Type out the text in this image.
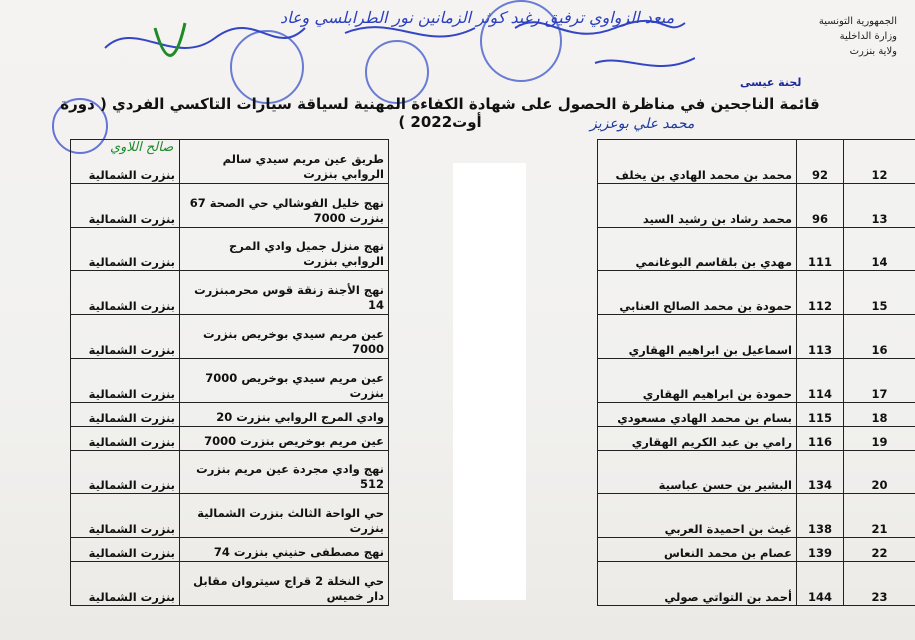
الجمهورية التونسية
وزارة الداخلية
ولاية بنزرت
مبعد الزواوي ترفيق رغيد كوثر الزمانين نور الطرابلسي وعاد
لجنة عيسى
قائمة الناجحين في مناظرة الحصول على شهادة الكفاءة المهنية لسياقة سيارات التاكسي الفردي ( دورة أوت2022 )	محمد علي بوعزيز
صالح اللاوي
12	92	محمد بن محمد الهادي بن يخلف		طريق عين مريم سيدي سالم الروابي بنزرت	بنزرت الشمالية
13	96	محمد رشاد بن رشيد السيد		نهج خليل الفوشالي حي الصحة 67 بنزرت 7000	بنزرت الشمالية
14	111	مهدي بن بلقاسم البوغانمي		نهج منزل جميل وادي المرج الروابي بنزرت	بنزرت الشمالية
15	112	حمودة بن محمد الصالح العنابي		نهج الأجنة زنقة قوس محرمبنزرت 14	بنزرت الشمالية
16	113	اسماعيل بن ابراهيم الهقاري		عين مريم سيدي بوخريص بنزرت 7000	بنزرت الشمالية
17	114	حمودة بن ابراهيم الهقاري		عين مريم سيدي بوخريص 7000 بنزرت	بنزرت الشمالية
18	115	بسام بن محمد الهادي مسعودي		وادي المرج الروابي بنزرت 20	بنزرت الشمالية
19	116	رامي بن عبد الكريم الهقاري		عين مريم بوخريص بنزرت 7000	بنزرت الشمالية
20	134	البشير بن حسن عباسية		نهج وادي مجردة عين مريم بنزرت 512	بنزرت الشمالية
21	138	غيث بن احميدة العربي		حي الواحة الثالث بنزرت الشمالية بنزرت	بنزرت الشمالية
22	139	عصام بن محمد النعاس		نهج مصطفى حنيني بنزرت 74	بنزرت الشمالية
23	144	أحمد بن التواتي صولي		حي النخلة 2 قراج سيتروان مقابل دار خميس	بنزرت الشمالية
